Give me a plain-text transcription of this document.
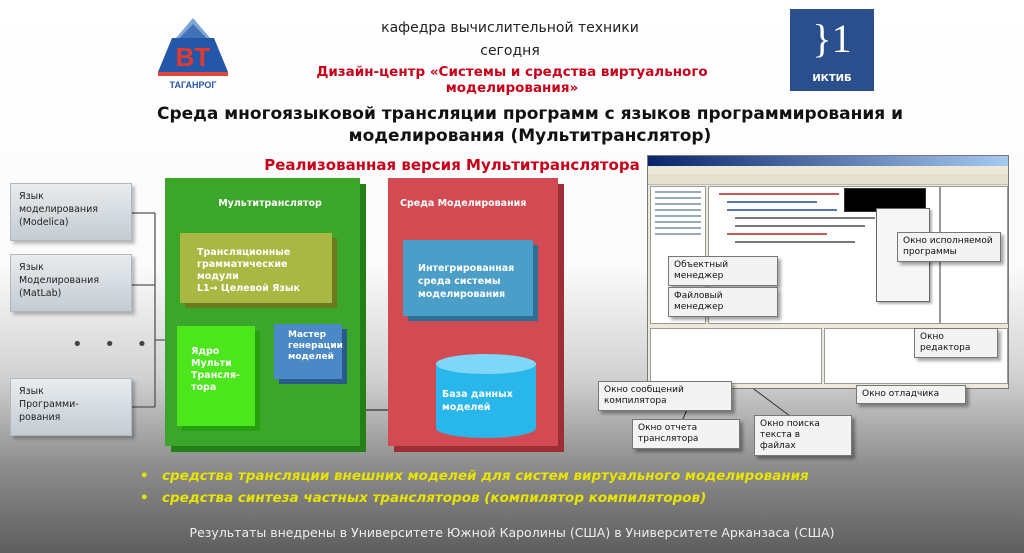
BT
ТАГАНРОГ
кафедра вычислительной техники
сегодня
Дизайн-центр «Системы и средства виртуального моделирования»
}1
ИКТИБ
Среда многоязыковой трансляции программ с языков программирования и
моделирования (Мультитранслятор)
Реализованная версия Мультитранслятора
Язык
моделирования
(Modelica)
Язык
Моделирования
(MatLab)
• • •
Язык
Программи-
рования
Мультитранслятор
Трансляционные
грамматические
модули
L1→ Целевой Язык
Ядро
Мульти
Трансля-
тора
Мастер
генерации
моделей
Среда Моделирования
Интегрированная
среда системы
моделирования
База данных
моделей
Объектный менеджер
Файловый менеджер
Окно исполняемой
программы
Окно редактора
Окно сообщений
компилятора
Окно отладчика
Окно отчета транслятора
Окно поиска текста в
файлах
• средства трансляции внешних моделей для систем виртуального моделирования
• средства синтеза частных трансляторов (компилятор компиляторов)
Результаты внедрены в Университете Южной Каролины (США) в Университете Арканзаса (США)
